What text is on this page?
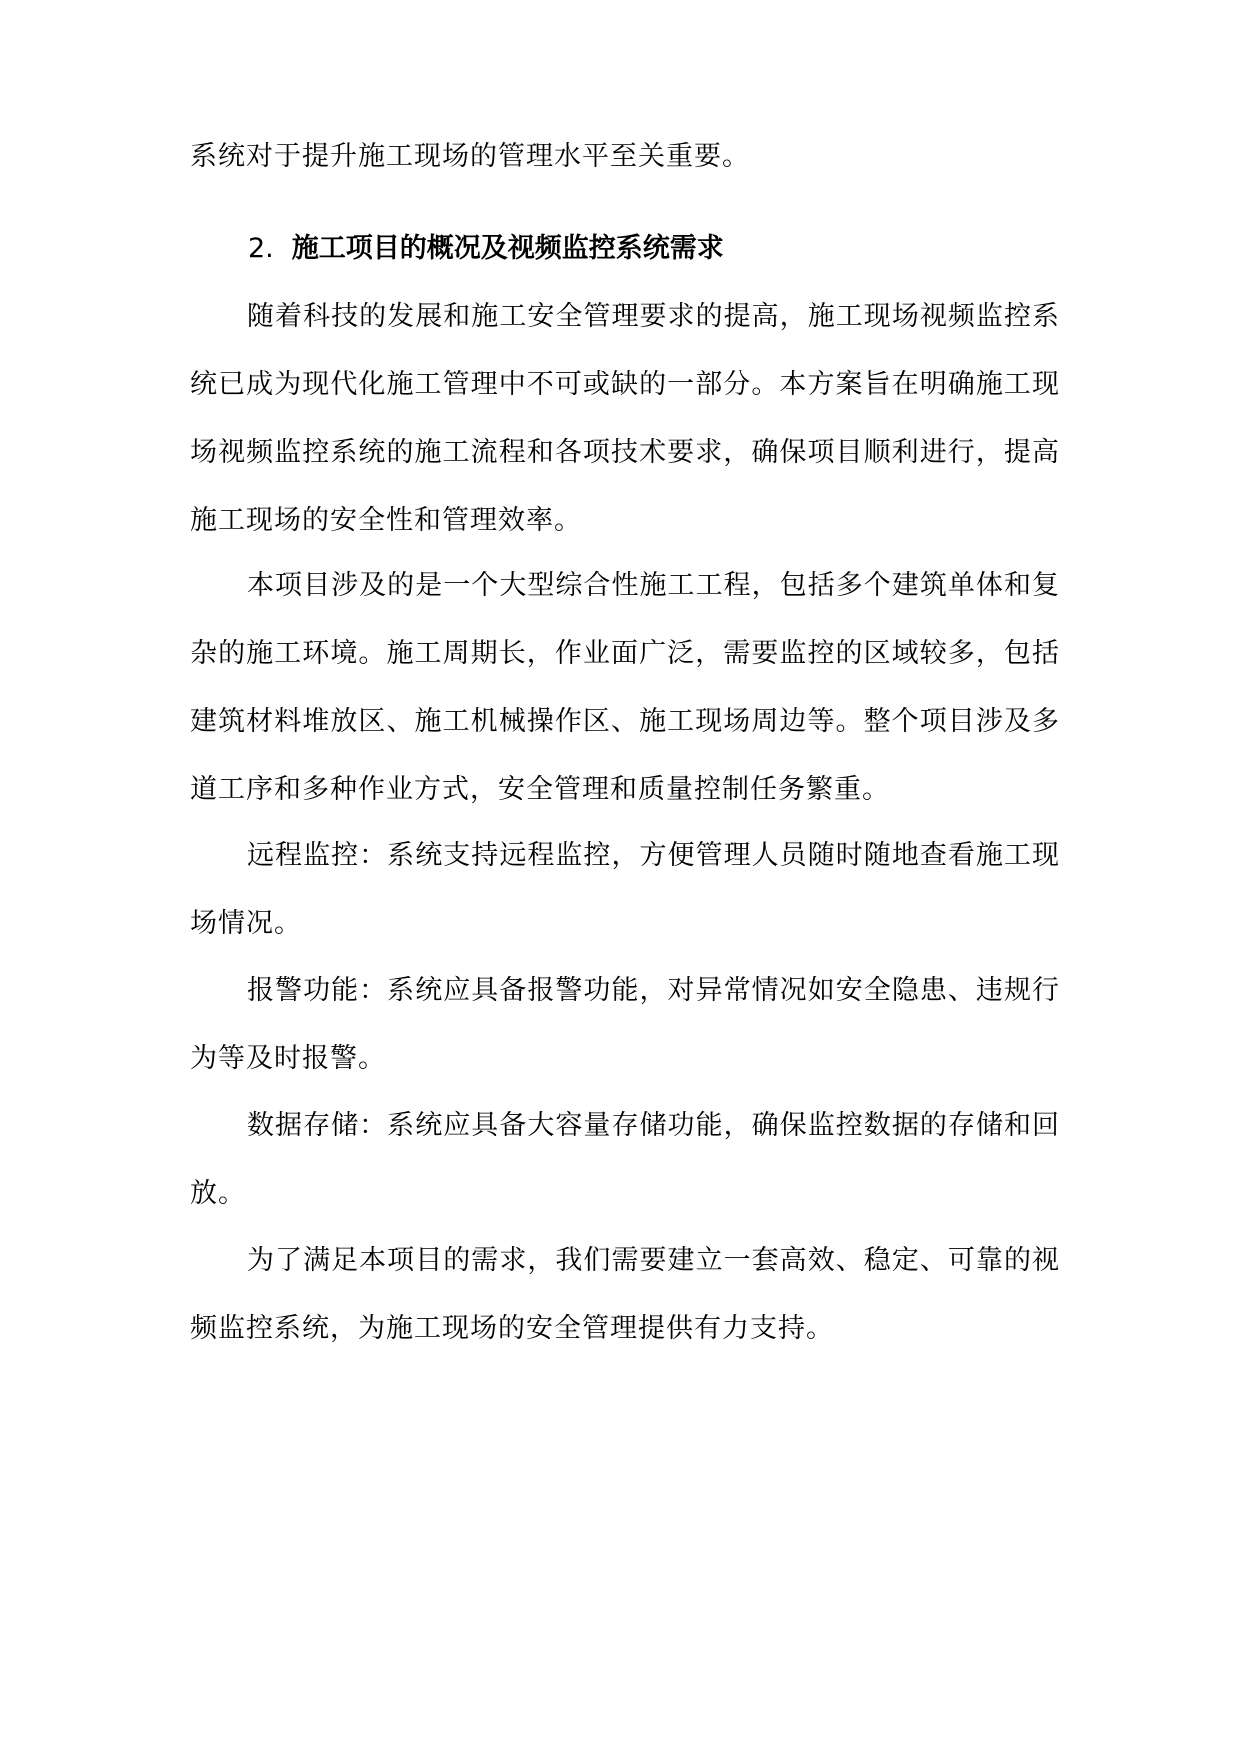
系统对于提升施工现场的管理水平至关重要。

2. 施工项目的概况及视频监控系统需求

随着科技的发展和施工安全管理要求的提高，施工现场视频监控系统已成为现代化施工管理中不可或缺的一部分。本方案旨在明确施工现场视频监控系统的施工流程和各项技术要求，确保项目顺利进行，提高施工现场的安全性和管理效率。

本项目涉及的是一个大型综合性施工工程，包括多个建筑单体和复杂的施工环境。施工周期长，作业面广泛，需要监控的区域较多，包括建筑材料堆放区、施工机械操作区、施工现场周边等。整个项目涉及多道工序和多种作业方式，安全管理和质量控制任务繁重。

远程监控：系统支持远程监控，方便管理人员随时随地查看施工现场情况。

报警功能：系统应具备报警功能，对异常情况如安全隐患、违规行为等及时报警。

数据存储：系统应具备大容量存储功能，确保监控数据的存储和回放。

为了满足本项目的需求，我们需要建立一套高效、稳定、可靠的视频监控系统，为施工现场的安全管理提供有力支持。
